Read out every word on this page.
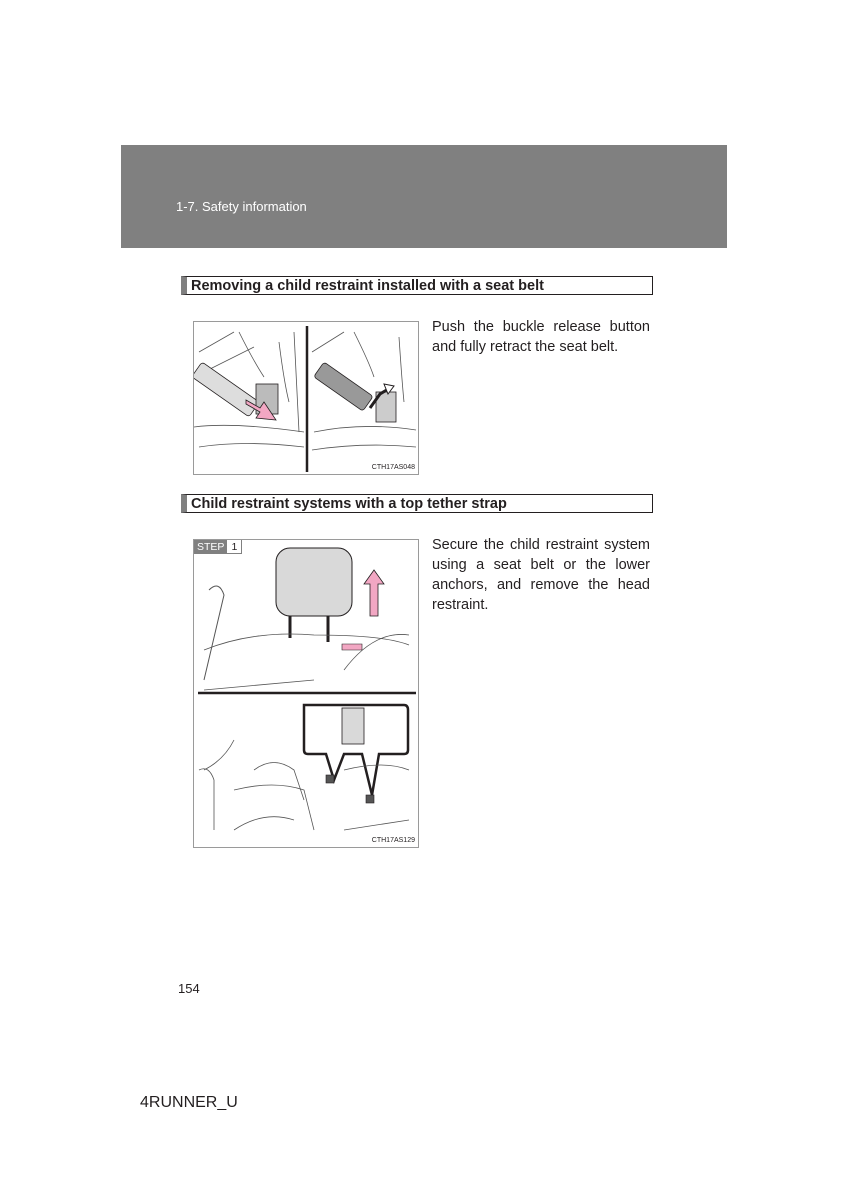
1-7. Safety information
Removing a child restraint installed with a seat belt
CTH17AS048
Push the buckle release button and fully retract the seat belt.
Child restraint systems with a top tether strap
STEP 1
CTH17AS129
Secure the child restraint system using a seat belt or the lower anchors, and remove the head restraint.
154
4RUNNER_U
